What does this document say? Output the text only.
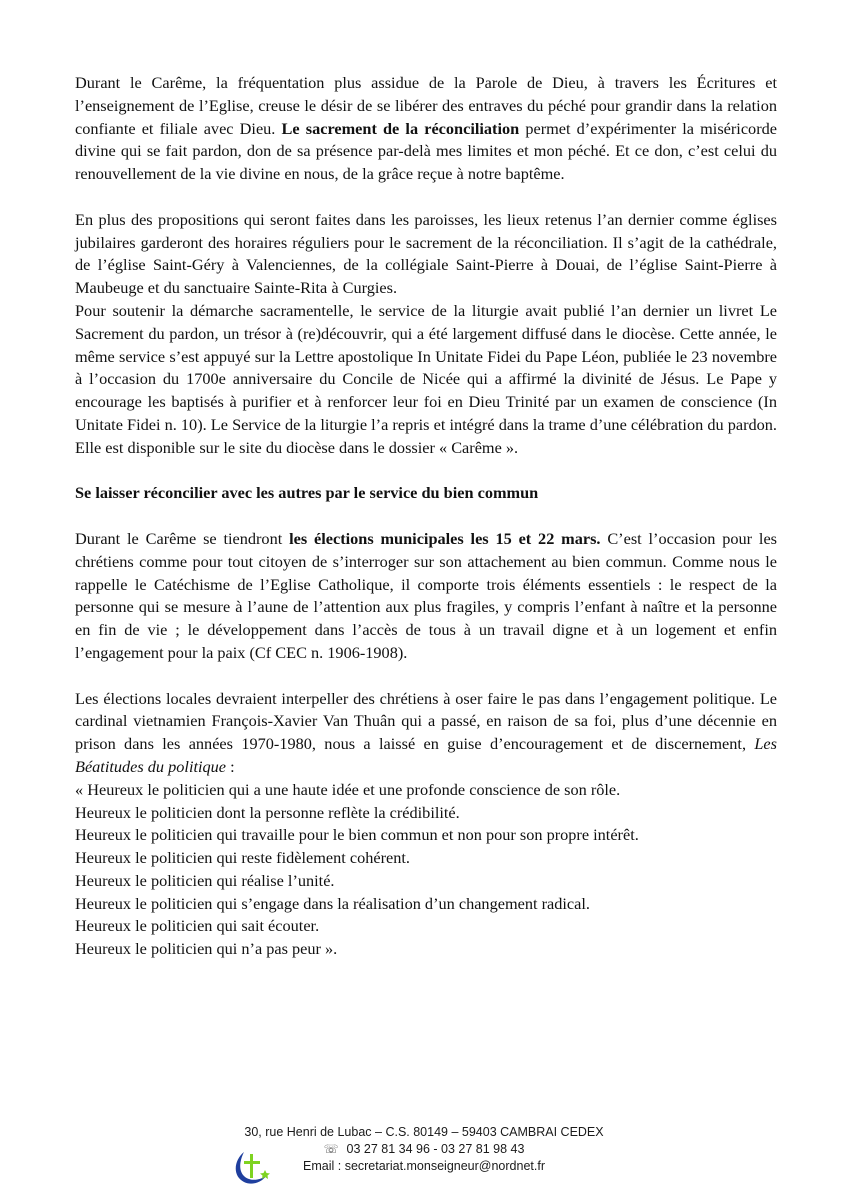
Durant le Carême, la fréquentation plus assidue de la Parole de Dieu, à travers les Écritures et l’enseignement de l’Eglise, creuse le désir de se libérer des entraves du péché pour grandir dans la relation confiante et filiale avec Dieu. Le sacrement de la réconciliation permet d’expérimenter la miséricorde divine qui se fait pardon, don de sa présence par-delà mes limites et mon péché. Et ce don, c’est celui du renouvellement de la vie divine en nous, de la grâce reçue à notre baptême.

En plus des propositions qui seront faites dans les paroisses, les lieux retenus l’an dernier comme églises jubilaires garderont des horaires réguliers pour le sacrement de la réconciliation. Il s’agit de la cathédrale, de l’église Saint-Géry à Valenciennes, de la collégiale Saint-Pierre à Douai, de l’église Saint-Pierre à Maubeuge et du sanctuaire Sainte-Rita à Curgies.

Pour soutenir la démarche sacramentelle, le service de la liturgie avait publié l’an dernier un livret Le Sacrement du pardon, un trésor à (re)découvrir, qui a été largement diffusé dans le diocèse. Cette année, le même service s’est appuyé sur la Lettre apostolique In Unitate Fidei du Pape Léon, publiée le 23 novembre à l’occasion du 1700e anniversaire du Concile de Nicée qui a affirmé la divinité de Jésus. Le Pape y encourage les baptisés à purifier et à renforcer leur foi en Dieu Trinité par un examen de conscience (In Unitate Fidei n. 10). Le Service de la liturgie l’a repris et intégré dans la trame d’une célébration du pardon. Elle est disponible sur le site du diocèse dans le dossier « Carême ».

Se laisser réconcilier avec les autres par le service du bien commun

Durant le Carême se tiendront les élections municipales les 15 et 22 mars. C’est l’occasion pour les chrétiens comme pour tout citoyen de s’interroger sur son attachement au bien commun. Comme nous le rappelle le Catéchisme de l’Eglise Catholique, il comporte trois éléments essentiels : le respect de la personne qui se mesure à l’aune de l’attention aux plus fragiles, y compris l’enfant à naître et la personne en fin de vie ; le développement dans l’accès de tous à un travail digne et à un logement et enfin l’engagement pour la paix (Cf CEC n. 1906-1908).

Les élections locales devraient interpeller des chrétiens à oser faire le pas dans l’engagement politique. Le cardinal vietnamien François-Xavier Van Thuân qui a passé, en raison de sa foi, plus d’une décennie en prison dans les années 1970-1980, nous a laissé en guise d’encouragement et de discernement, Les Béatitudes du politique :

« Heureux le politicien qui a une haute idée et une profonde conscience de son rôle.

Heureux le politicien dont la personne reflète la crédibilité.

Heureux le politicien qui travaille pour le bien commun et non pour son propre intérêt.

Heureux le politicien qui reste fidèlement cohérent.

Heureux le politicien qui réalise l’unité.

Heureux le politicien qui s’engage dans la réalisation d’un changement radical.

Heureux le politicien qui sait écouter.

Heureux le politicien qui n’a pas peur ».

30, rue Henri de Lubac – C.S. 80149 – 59403 CAMBRAI CEDEX

☏ 03 27 81 34 96 - 03 27 81 98 43

Email : secretariat.monseigneur@nordnet.fr
